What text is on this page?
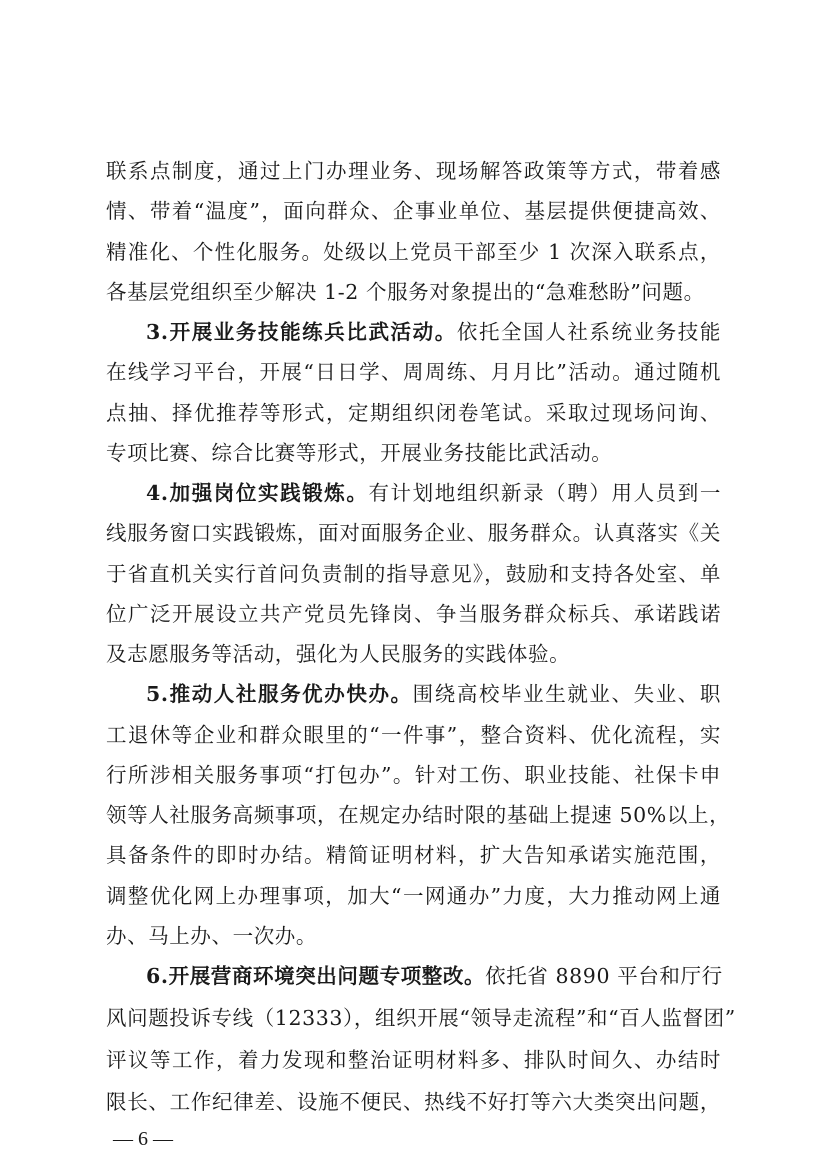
联系点制度，通过上门办理业务、现场解答政策等方式，带着感
情、带着“温度”，面向群众、企事业单位、基层提供便捷高效、
精准化、个性化服务。处级以上党员干部至少 1 次深入联系点，
各基层党组织至少解决 1-2 个服务对象提出的“急难愁盼”问题。
3.开展业务技能练兵比武活动。依托全国人社系统业务技能
在线学习平台，开展“日日学、周周练、月月比”活动。通过随机
点抽、择优推荐等形式，定期组织闭卷笔试。采取过现场问询、
专项比赛、综合比赛等形式，开展业务技能比武活动。
4.加强岗位实践锻炼。有计划地组织新录（聘）用人员到一
线服务窗口实践锻炼，面对面服务企业、服务群众。认真落实《关
于省直机关实行首问负责制的指导意见》，鼓励和支持各处室、单
位广泛开展设立共产党员先锋岗、争当服务群众标兵、承诺践诺
及志愿服务等活动，强化为人民服务的实践体验。
5.推动人社服务优办快办。围绕高校毕业生就业、失业、职
工退休等企业和群众眼里的“一件事”，整合资料、优化流程，实
行所涉相关服务事项“打包办”。针对工伤、职业技能、社保卡申
领等人社服务高频事项，在规定办结时限的基础上提速 50%以上，
具备条件的即时办结。精简证明材料，扩大告知承诺实施范围，
调整优化网上办理事项，加大“一网通办”力度，大力推动网上通
办、马上办、一次办。
6.开展营商环境突出问题专项整改。依托省 8890 平台和厅行
风问题投诉专线（12333），组织开展“领导走流程”和“百人监督团”
评议等工作，着力发现和整治证明材料多、排队时间久、办结时
限长、工作纪律差、设施不便民、热线不好打等六大类突出问题，
— 6 —
